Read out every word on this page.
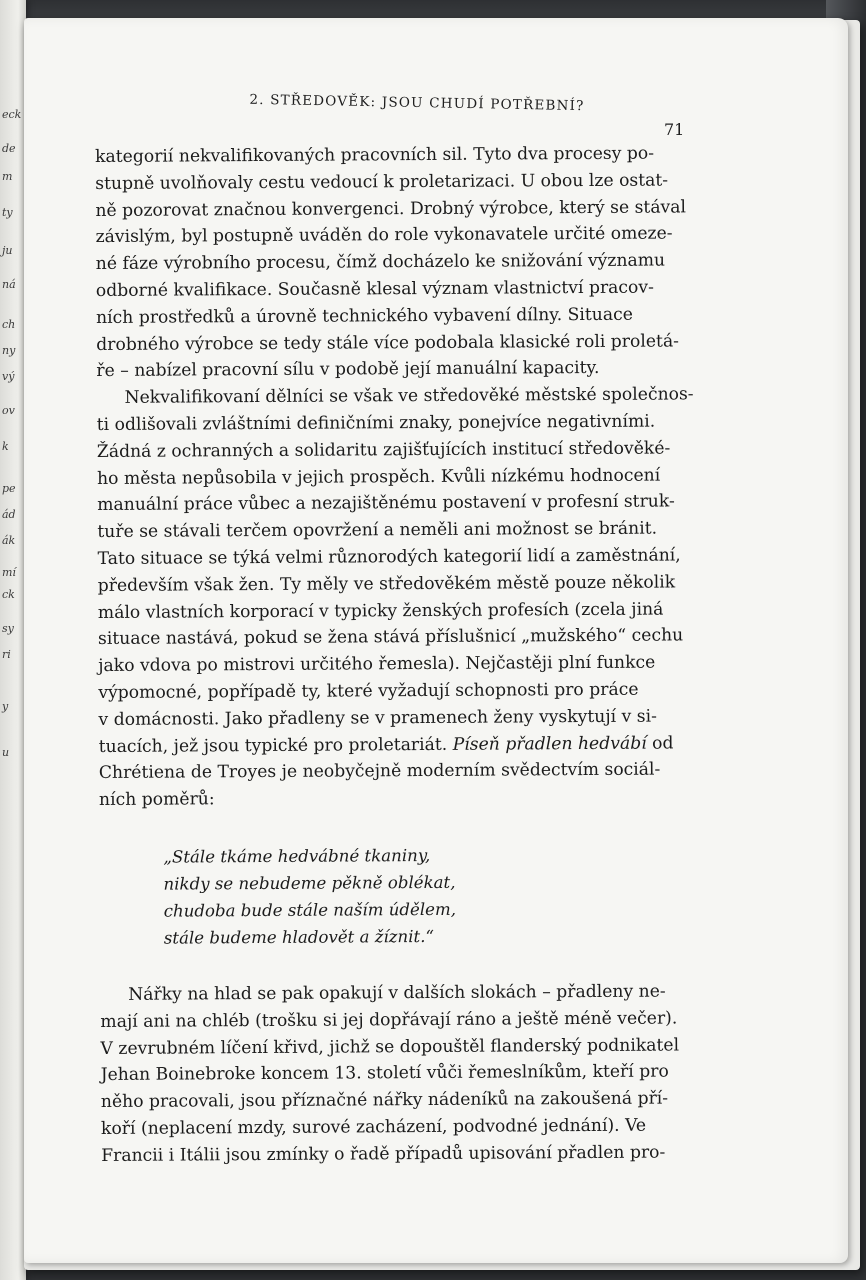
eck
de
m
ty
ju
ná
ch
ny
vý
ov
k
pe
ád
ák
mí
ck
sy
ri
y
u
2. STŘEDOVĚK: JSOU CHUDÍ POTŘEBNÍ?
71

kategorií nekvalifikovaných pracovních sil. Tyto dva procesy po-
stupně uvolňovaly cestu vedoucí k proletarizaci. U obou lze ostat-
ně pozorovat značnou konvergenci. Drobný výrobce, který se stával
závislým, byl postupně uváděn do role vykonavatele určité omeze-
né fáze výrobního procesu, čímž docházelo ke snižování významu
odborné kvalifikace. Současně klesal význam vlastnictví pracov-
ních prostředků a úrovně technického vybavení dílny. Situace
drobného výrobce se tedy stále více podobala klasické roli proletá-
ře – nabízel pracovní sílu v podobě její manuální kapacity.

Nekvalifikovaní dělníci se však ve středověké městské společnos-
ti odlišovali zvláštními definičními znaky, ponejvíce negativními.
Žádná z ochranných a solidaritu zajišťujících institucí středověké-
ho města nepůsobila v jejich prospěch. Kvůli nízkému hodnocení
manuální práce vůbec a nezajištěnému postavení v profesní struk-
tuře se stávali terčem opovržení a neměli ani možnost se bránit.
Tato situace se týká velmi různorodých kategorií lidí a zaměstnání,
především však žen. Ty měly ve středověkém městě pouze několik
málo vlastních korporací v typicky ženských profesích (zcela jiná
situace nastává, pokud se žena stává příslušnicí „mužského“ cechu
jako vdova po mistrovi určitého řemesla). Nejčastěji plní funkce
výpomocné, popřípadě ty, které vyžadují schopnosti pro práce
v domácnosti. Jako přadleny se v pramenech ženy vyskytují v si-
tuacích, jež jsou typické pro proletariát. Píseň přadlen hedvábí od
Chrétiena de Troyes je neobyčejně moderním svědectvím sociál-
ních poměrů:

„Stále tkáme hedvábné tkaniny,
nikdy se nebudeme pěkně oblékat,
chudoba bude stále naším údělem,
stále budeme hladovět a žíznit.“

Nářky na hlad se pak opakují v dalších slokách – přadleny ne-
mají ani na chléb (trošku si jej dopřávají ráno a ještě méně večer).
V zevrubném líčení křivd, jichž se dopouštěl flanderský podnikatel
Jehan Boinebroke koncem 13. století vůči řemeslníkům, kteří pro
něho pracovali, jsou příznačné nářky nádeníků na zakoušená pří-
koří (neplacení mzdy, surové zacházení, podvodné jednání). Ve
Francii i Itálii jsou zmínky o řadě případů upisování přadlen pro-
